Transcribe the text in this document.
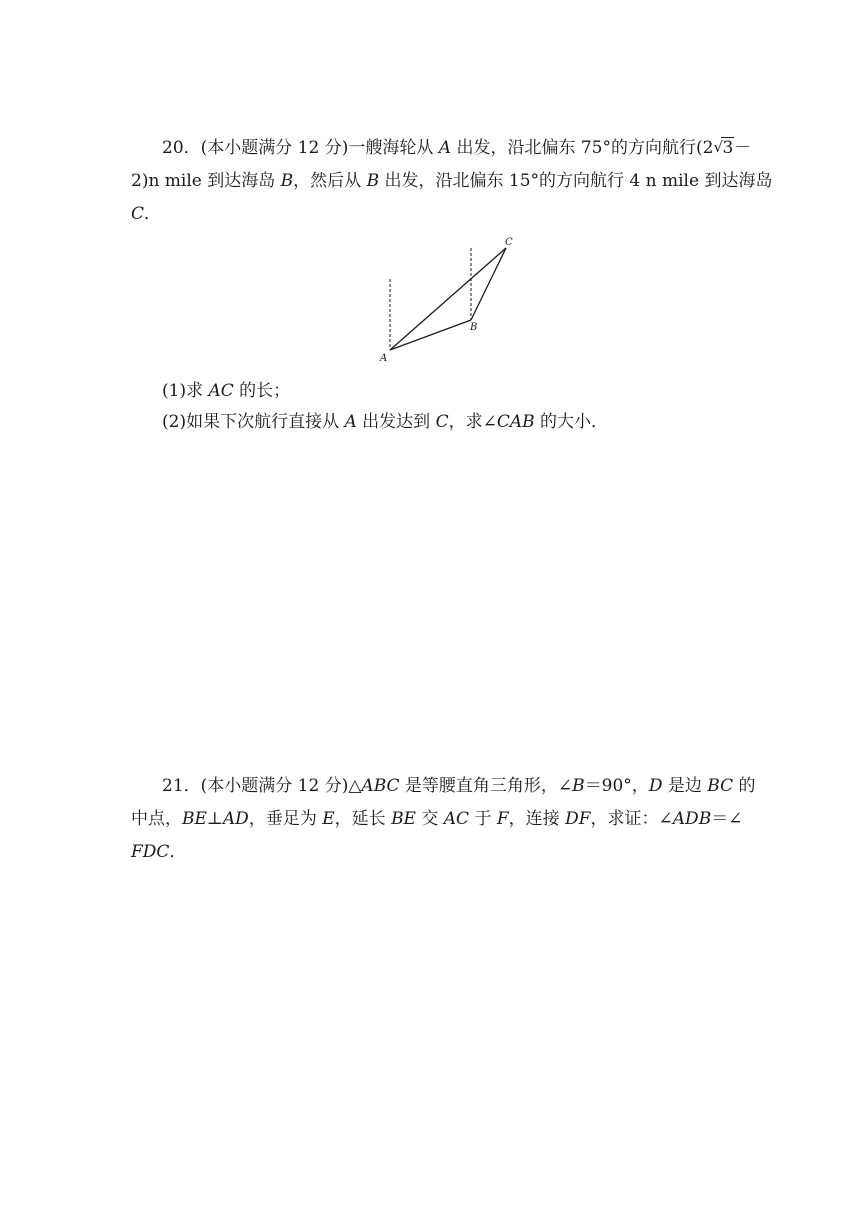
20．(本小题满分 12 分)一艘海轮从 A 出发，沿北偏东 75°的方向航行(2 √ 3－
2)n mile 到达海岛 B，然后从 B 出发，沿北偏东 15°的方向航行 4 n mile 到达海岛
C．
A
B
C
(1)求 AC 的长；
(2)如果下次航行直接从 A 出发达到 C，求∠CAB 的大小．
21．(本小题满分 12 分)△ABC 是等腰直角三角形，∠B＝90°，D 是边 BC 的
中点，BE⊥AD，垂足为 E，延长 BE 交 AC 于 F，连接 DF，求证：∠ADB＝∠
FDC．
